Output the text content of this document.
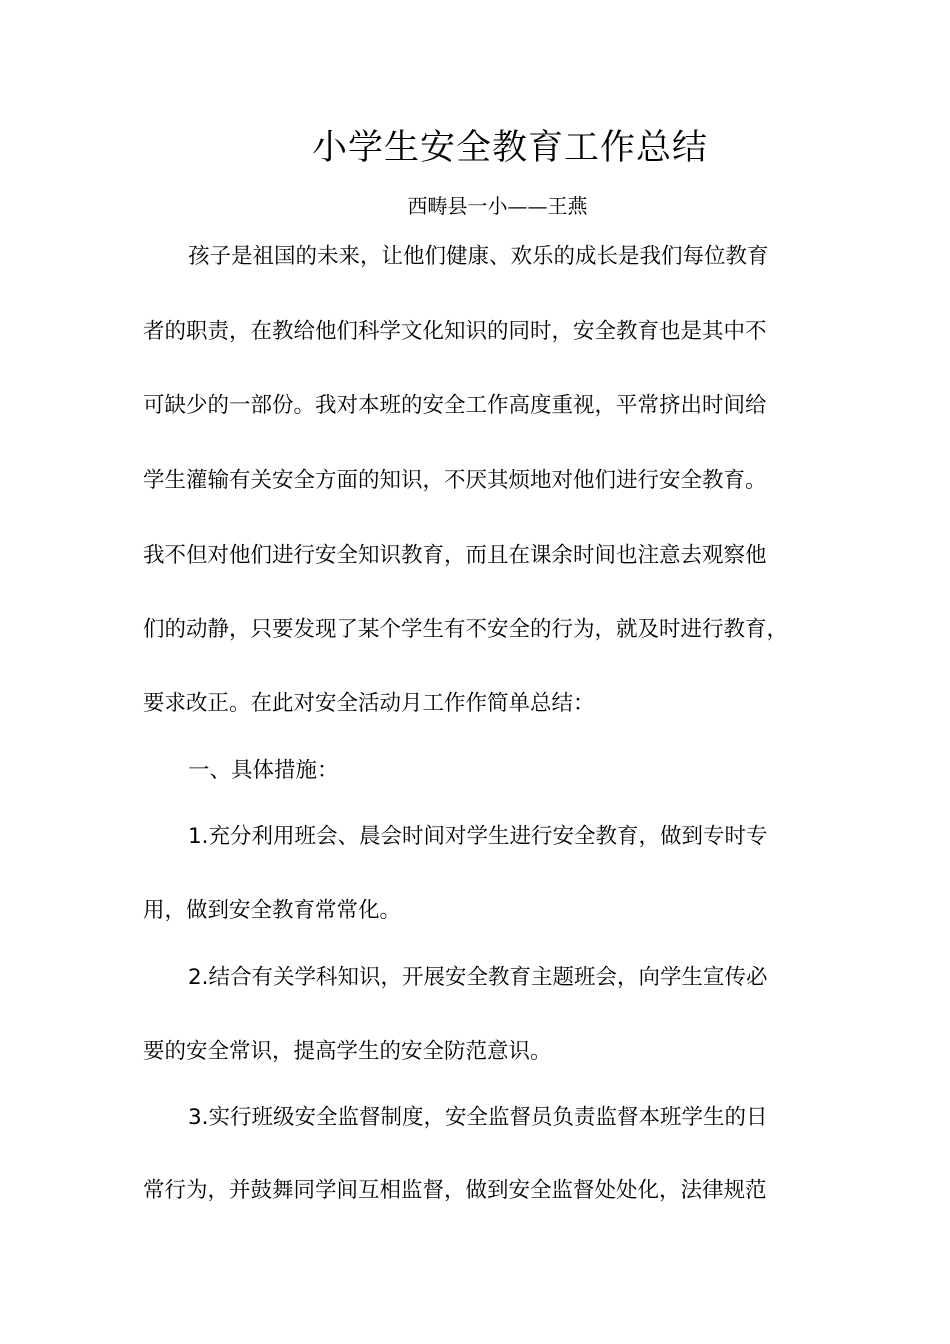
小学生安全教育工作总结
西畴县一小——王燕
孩子是祖国的未来，让他们健康、欢乐的成长是我们每位教育
者的职责，在教给他们科学文化知识的同时，安全教育也是其中不
可缺少的一部份。我对本班的安全工作高度重视，平常挤出时间给
学生灌输有关安全方面的知识，不厌其烦地对他们进行安全教育。
我不但对他们进行安全知识教育，而且在课余时间也注意去观察他
们的动静，只要发现了某个学生有不安全的行为，就及时进行教育，
要求改正。在此对安全活动月工作作简单总结：
一、具体措施：
1.充分利用班会、晨会时间对学生进行安全教育，做到专时专
用，做到安全教育常常化。
2.结合有关学科知识，开展安全教育主题班会，向学生宣传必
要的安全常识，提高学生的安全防范意识。
3.实行班级安全监督制度，安全监督员负责监督本班学生的日
常行为，并鼓舞同学间互相监督，做到安全监督处处化，法律规范
